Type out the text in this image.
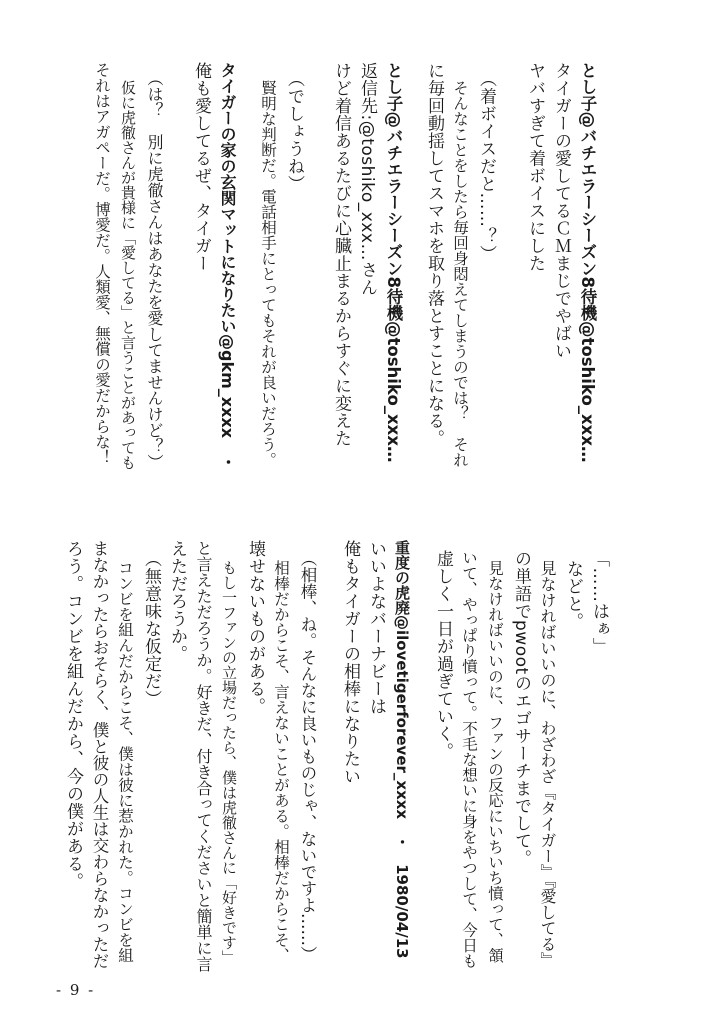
とし子@バチエラーシーズン8待機@toshiko_xxx…
タイガーの愛してるＣＭまじでやばい
ヤバすぎて着ボイスにした
（着ボイスだと……？）
そんなことをしたら毎回身悶えてしまうのでは？　それ
に毎回動揺してスマホを取り落とすことになる。
とし子@バチエラーシーズン8待機@toshiko_xxx…
返信先:@toshiko_xxx…さん
けど着信あるたびに心臓止まるからすぐに変えた
（でしょうね）
賢明な判断だ。電話相手にとってもそれが良いだろう。
タイガーの家の玄関マットになりたい@gkm_xxxx　・
俺も愛してるぜ、タイガー
（は？　別に虎徹さんはあなたを愛してませんけど？）
仮に虎徹さんが貴様に「愛してる」と言うことがあっても
それはアガペーだ。博愛だ。人類愛、無償の愛だからな！
「……はぁ」
などと。
見なければいいのに、わざわざ『タイガー』『愛してる』
の単語でpwootのエゴサーチまでして。
見なければいいのに、ファンの反応にいちいち憤って、頷
いて、やっぱり憤って。不毛な想いに身をやつして、今日も
虚しく一日が過ぎていく。
重度の虎廃@ilovetigerforever_xxxx　・　1980/04/13
いいよなバーナビーは
俺もタイガーの相棒になりたい
（相棒、ね。そんなに良いものじゃ、ないですよ……）
相棒だからこそ、言えないことがある。相棒だからこそ、
壊せないものがある。
もし一ファンの立場だったら、僕は虎徹さんに「好きです」
と言えただろうか。好きだ、付き合ってくださいと簡単に言
えただろうか。
（無意味な仮定だ）
コンビを組んだからこそ、僕は彼に惹かれた。コンビを組
まなかったらおそらく、僕と彼の人生は交わらなかっただ
ろう。コンビを組んだから、今の僕がある。
- 9 -
